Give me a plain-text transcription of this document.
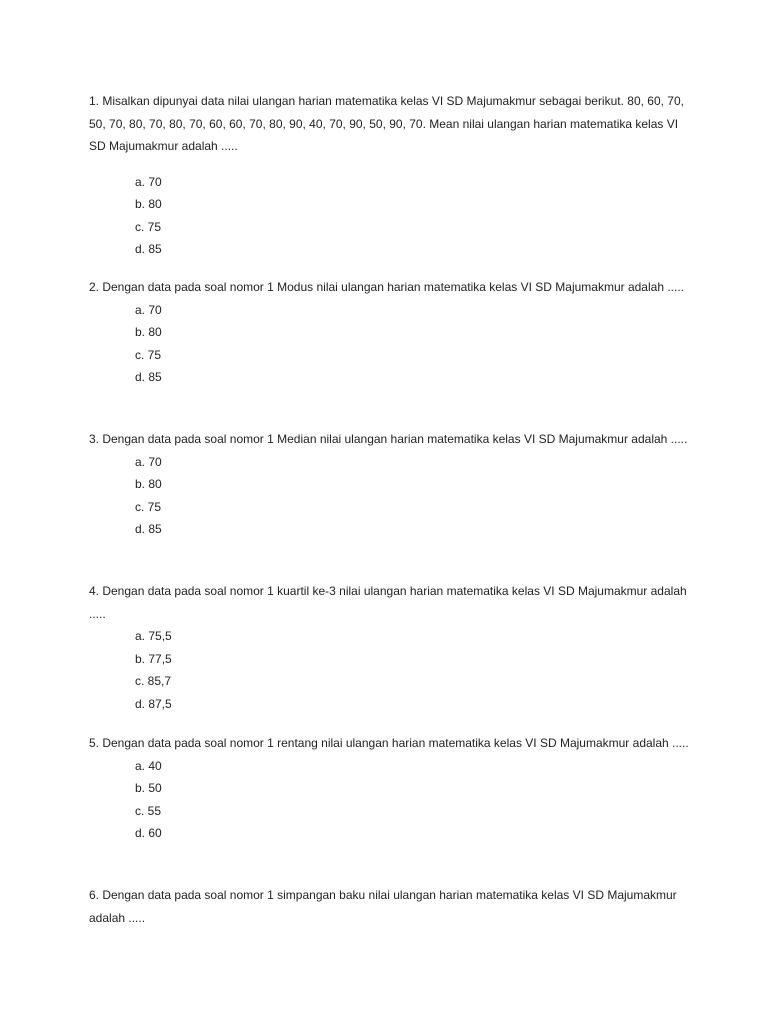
1. Misalkan dipunyai data nilai ulangan harian matematika kelas VI SD Majumakmur sebagai berikut. 80, 60, 70, 50, 70, 80, 70, 80, 70, 60, 60, 70, 80, 90, 40, 70, 90, 50, 90, 70. Mean nilai ulangan harian matematika kelas VI SD Majumakmur adalah .....

a. 70
b. 80
c. 75
d. 85

2. Dengan data pada soal nomor 1 Modus nilai ulangan harian matematika kelas VI SD Majumakmur adalah .....

a. 70
b. 80
c. 75
d. 85

3. Dengan data pada soal nomor 1 Median nilai ulangan harian matematika kelas VI SD Majumakmur adalah .....

a. 70
b. 80
c. 75
d. 85

4. Dengan data pada soal nomor 1 kuartil ke-3 nilai ulangan harian matematika kelas VI SD Majumakmur adalah .....

a. 75,5
b. 77,5
c. 85,7
d. 87,5

5. Dengan data pada soal nomor 1 rentang nilai ulangan harian matematika kelas VI SD Majumakmur adalah .....

a. 40
b. 50
c. 55
d. 60

6. Dengan data pada soal nomor 1 simpangan baku nilai ulangan harian matematika kelas VI SD Majumakmur adalah .....
